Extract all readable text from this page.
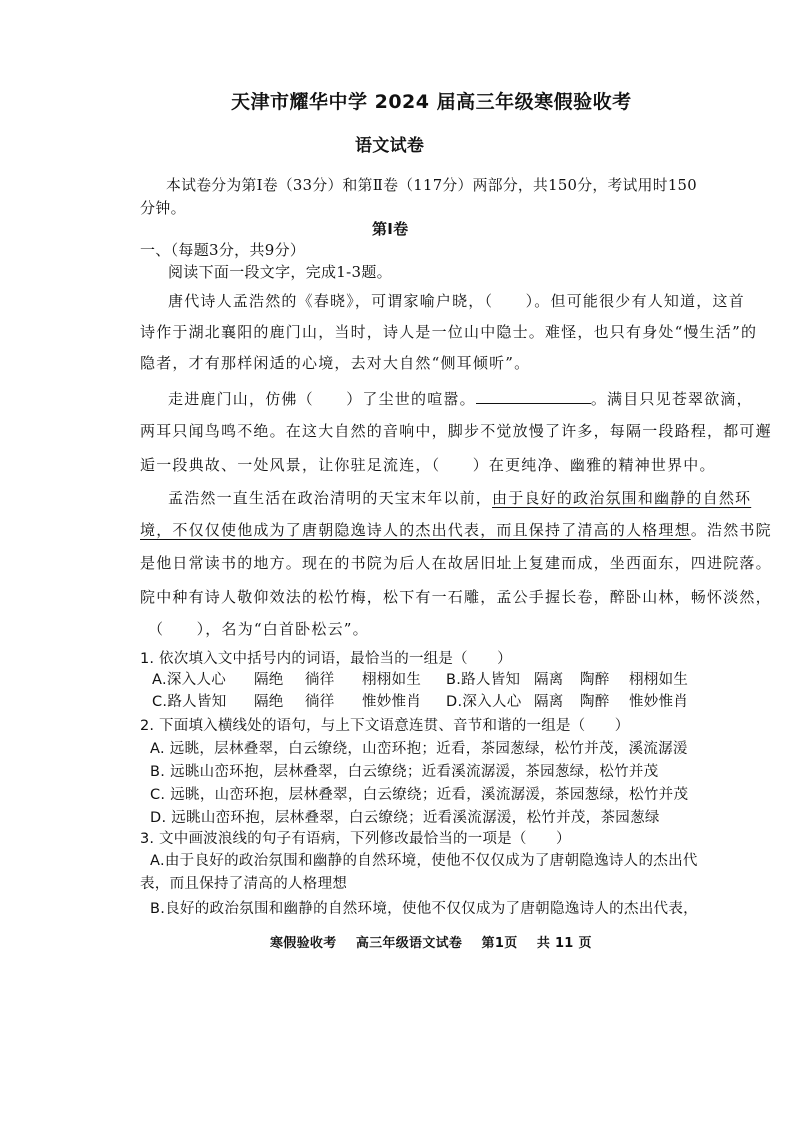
天津市耀华中学 2024 届高三年级寒假验收考
语文试卷
本试卷分为第Ⅰ卷（33分）和第Ⅱ卷（117分）两部分，共150分，考试用时150
分钟。
第Ⅰ卷
一、（每题3分，共9分）
阅读下面一段文字，完成1-3题。
唐代诗人孟浩然的《春晓》，可谓家喻户晓，（　　）。但可能很少有人知道，这首
诗作于湖北襄阳的鹿门山，当时，诗人是一位山中隐士。难怪，也只有身处“慢生活”的
隐者，才有那样闲适的心境，去对大自然“侧耳倾听”。
走进鹿门山，仿佛（　　）了尘世的喧嚣。	。满目只见苍翠欲滴，
两耳只闻鸟鸣不绝。在这大自然的音响中，脚步不觉放慢了许多，每隔一段路程，都可邂
逅一段典故、一处风景，让你驻足流连，（　　）在更纯净、幽雅的精神世界中。
孟浩然一直生活在政治清明的天宝末年以前，由于良好的政治氛围和幽静的自然环
境，不仅仅使他成为了唐朝隐逸诗人的杰出代表，而且保持了清高的人格理想。浩然书院
是他日常读书的地方。现在的书院为后人在故居旧址上复建而成，坐西面东，四进院落。
院中种有诗人敬仰效法的松竹梅，松下有一石雕，孟公手握长卷，醉卧山林，畅怀淡然，
（　　），名为“白首卧松云”。
1. 依次填入文中括号内的词语，最恰当的一组是（　　）
A.深入人心 隔绝 徜徉 栩栩如生 B.路人皆知 隔离 陶醉 栩栩如生
C.路人皆知 隔绝 徜徉 惟妙惟肖 D.深入人心 隔离 陶醉 惟妙惟肖
2. 下面填入横线处的语句，与上下文语意连贯、音节和谐的一组是（　　）
A. 远眺，层林叠翠，白云缭绕，山峦环抱；近看，茶园葱绿，松竹并茂，溪流潺湲
B. 远眺山峦环抱，层林叠翠，白云缭绕；近看溪流潺湲，茶园葱绿，松竹并茂
C. 远眺，山峦环抱，层林叠翠，白云缭绕；近看，溪流潺湲，茶园葱绿，松竹并茂
D. 远眺山峦环抱，层林叠翠，白云缭绕；近看溪流潺湲，松竹并茂，茶园葱绿
3. 文中画波浪线的句子有语病，下列修改最恰当的一项是（　　）
A.由于良好的政治氛围和幽静的自然环境，使他不仅仅成为了唐朝隐逸诗人的杰出代
表，而且保持了清高的人格理想
B.良好的政治氛围和幽静的自然环境，使他不仅仅成为了唐朝隐逸诗人的杰出代表，
寒假验收考 高三年级语文试卷 第1页 共 11 页
